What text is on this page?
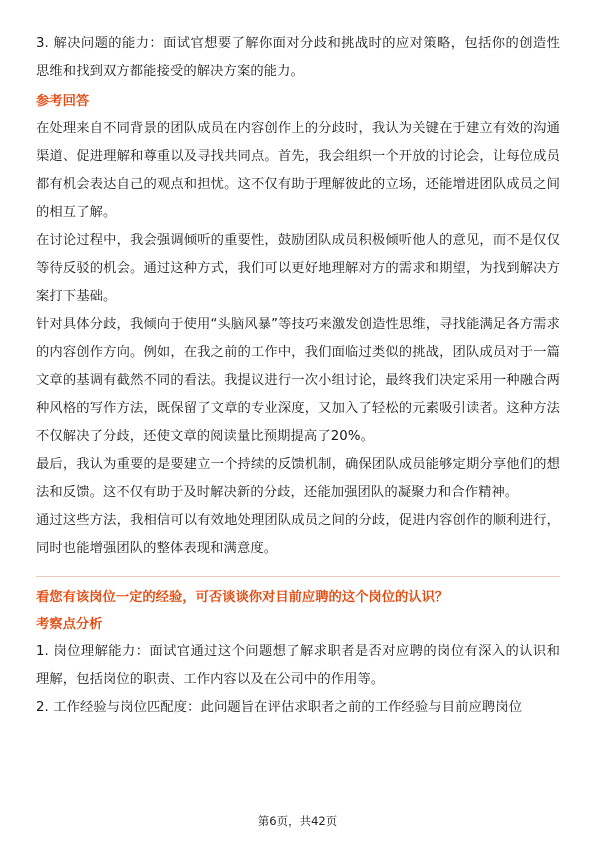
3. 解决问题的能力：面试官想要了解你面对分歧和挑战时的应对策略，包括你的创造性思维和找到双方都能接受的解决方案的能力。

参考回答

在处理来自不同背景的团队成员在内容创作上的分歧时，我认为关键在于建立有效的沟通渠道、促进理解和尊重以及寻找共同点。首先，我会组织一个开放的讨论会，让每位成员都有机会表达自己的观点和担忧。这不仅有助于理解彼此的立场，还能增进团队成员之间的相互了解。

在讨论过程中，我会强调倾听的重要性，鼓励团队成员积极倾听他人的意见，而不是仅仅等待反驳的机会。通过这种方式，我们可以更好地理解对方的需求和期望，为找到解决方案打下基础。

针对具体分歧，我倾向于使用“头脑风暴”等技巧来激发创造性思维，寻找能满足各方需求的内容创作方向。例如，在我之前的工作中，我们面临过类似的挑战，团队成员对于一篇文章的基调有截然不同的看法。我提议进行一次小组讨论，最终我们决定采用一种融合两种风格的写作方法，既保留了文章的专业深度，又加入了轻松的元素吸引读者。这种方法不仅解决了分歧，还使文章的阅读量比预期提高了20%。

最后，我认为重要的是要建立一个持续的反馈机制，确保团队成员能够定期分享他们的想法和反馈。这不仅有助于及时解决新的分歧，还能加强团队的凝聚力和合作精神。

通过这些方法，我相信可以有效地处理团队成员之间的分歧，促进内容创作的顺利进行，同时也能增强团队的整体表现和满意度。

看您有该岗位一定的经验，可否谈谈你对目前应聘的这个岗位的认识？
考察点分析

1. 岗位理解能力：面试官通过这个问题想了解求职者是否对应聘的岗位有深入的认识和理解，包括岗位的职责、工作内容以及在公司中的作用等。

2. 工作经验与岗位匹配度：此问题旨在评估求职者之前的工作经验与目前应聘岗位

第6页，共42页
